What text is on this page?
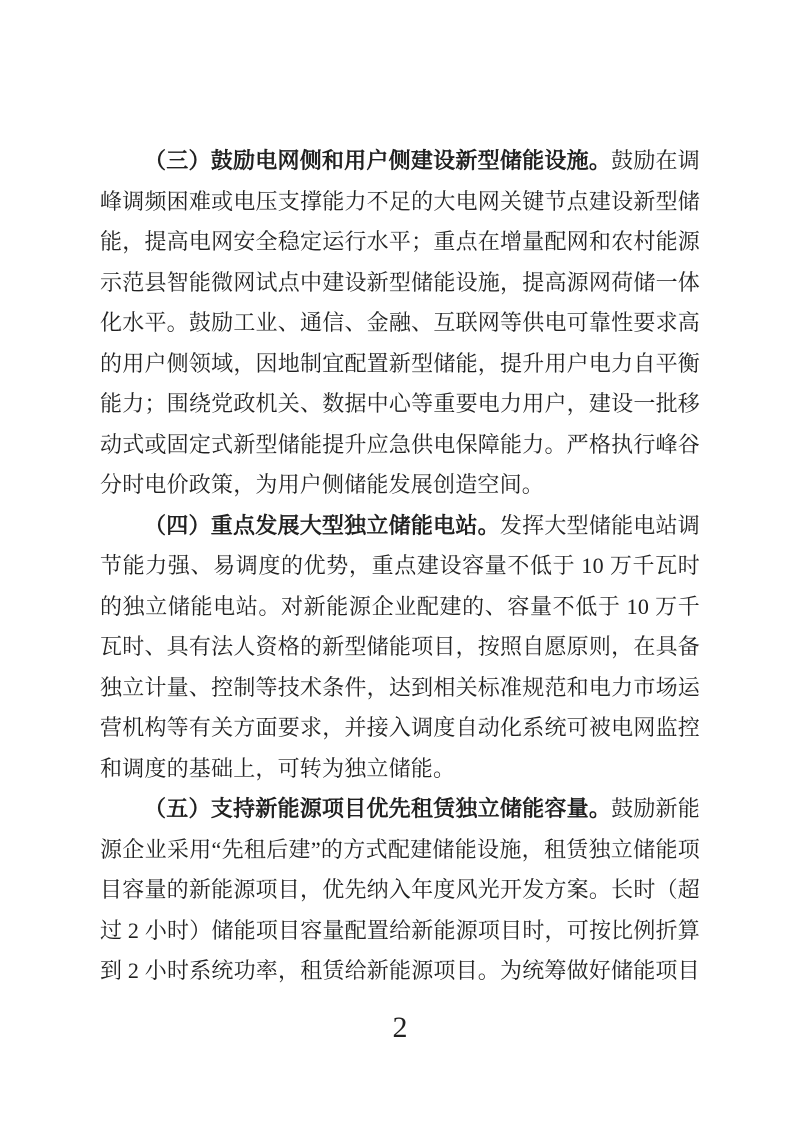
（三）鼓励电网侧和用户侧建设新型储能设施。鼓励在调峰调频困难或电压支撑能力不足的大电网关键节点建设新型储能，提高电网安全稳定运行水平；重点在增量配网和农村能源示范县智能微网试点中建设新型储能设施，提高源网荷储一体化水平。鼓励工业、通信、金融、互联网等供电可靠性要求高的用户侧领域，因地制宜配置新型储能，提升用户电力自平衡能力；围绕党政机关、数据中心等重要电力用户，建设一批移动式或固定式新型储能提升应急供电保障能力。严格执行峰谷分时电价政策，为用户侧储能发展创造空间。

（四）重点发展大型独立储能电站。发挥大型储能电站调节能力强、易调度的优势，重点建设容量不低于 10 万千瓦时的独立储能电站。对新能源企业配建的、容量不低于 10 万千瓦时、具有法人资格的新型储能项目，按照自愿原则，在具备独立计量、控制等技术条件，达到相关标准规范和电力市场运营机构等有关方面要求，并接入调度自动化系统可被电网监控和调度的基础上，可转为独立储能。

（五）支持新能源项目优先租赁独立储能容量。鼓励新能源企业采用“先租后建”的方式配建储能设施，租赁独立储能项目容量的新能源项目，优先纳入年度风光开发方案。长时（超过 2 小时）储能项目容量配置给新能源项目时，可按比例折算到 2 小时系统功率，租赁给新能源项目。为统筹做好储能项目

2
